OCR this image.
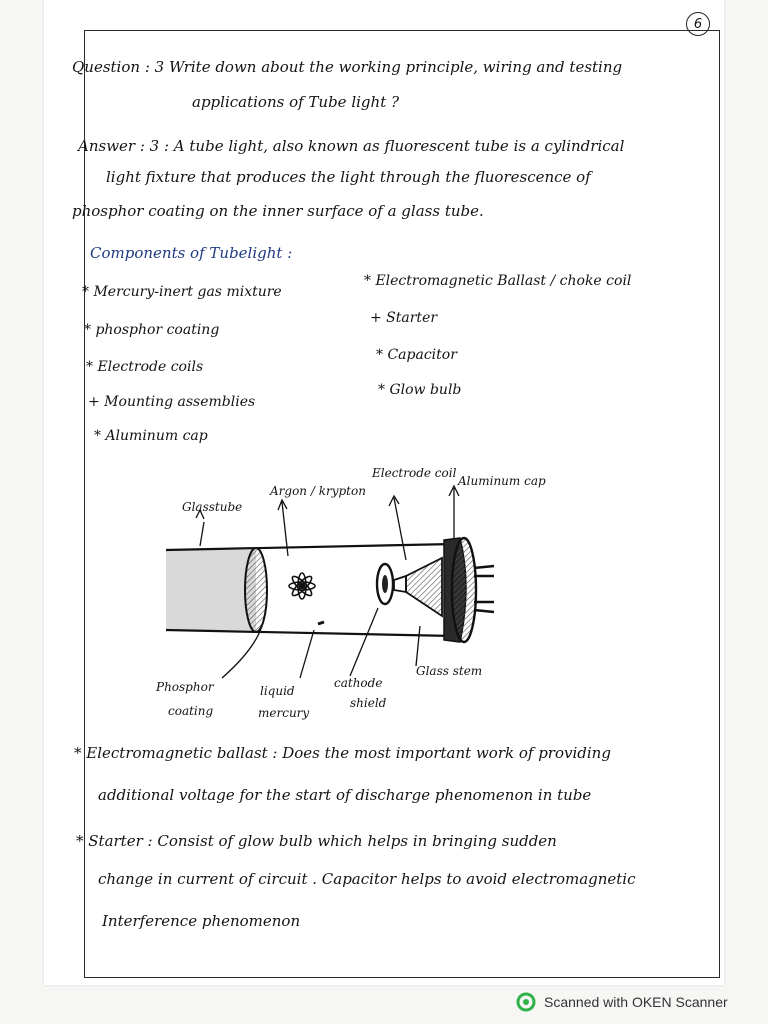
6
Question : 3 Write down about the working principle, wiring and testing
applications of Tube light ?
Answer : 3 : A tube light, also known as fluorescent tube is a cylindrical
light fixture that produces the light through the fluorescence of
phosphor coating on the inner surface of a glass tube.
Components of Tubelight :
* Mercury-inert gas mixture
* phosphor coating
* Electrode coils
+ Mounting assemblies
* Aluminum cap
* Electromagnetic Ballast / choke coil
+ Starter
* Capacitor
* Glow bulb
Glasstube
Argon / krypton
Electrode coil
Aluminum cap
Phosphor
coating
liquid
mercury
cathode
shield
Glass stem
* Electromagnetic ballast : Does the most important work of providing
additional voltage for the start of discharge phenomenon in tube
* Starter : Consist of glow bulb which helps in bringing sudden
change in current of circuit . Capacitor helps to avoid electromagnetic
Interference phenomenon
Scanned with OKEN Scanner
